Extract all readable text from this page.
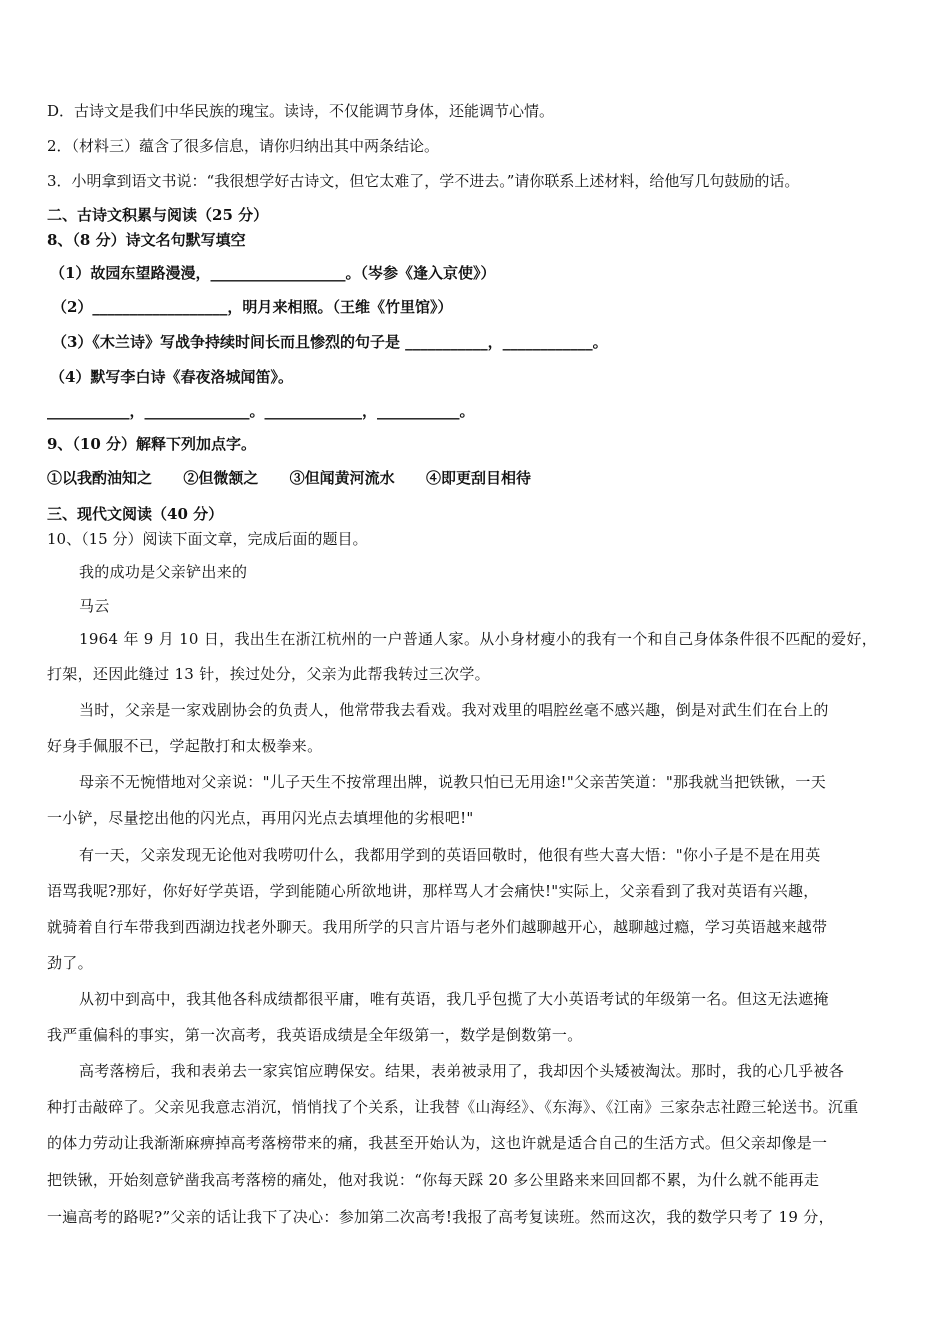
D．古诗文是我们中华民族的瑰宝。读诗，不仅能调节身体，还能调节心情。
2．（材料三）蕴含了很多信息，请你归纳出其中两条结论。
3．小明拿到语文书说：“我很想学好古诗文，但它太难了，学不进去。”请你联系上述材料，给他写几句鼓励的话。
二、古诗文积累与阅读（25 分）
8、（8 分）诗文名句默写填空
（1）故园东望路漫漫，__________________。（岑参《逢入京使》）
（2）__________________，明月来相照。（王维《竹里馆》）
（3）《木兰诗》写战争持续时间长而且惨烈的句子是 ___________，____________。
（4）默写李白诗《春夜洛城闻笛》。
___________，______________。_____________，___________。
9、（10 分）解释下列加点字。
①以我酌油知之      ②但微颔之      ③但闻黄河流水      ④即更刮目相待
三、现代文阅读（40 分）
10、（15 分）阅读下面文章，完成后面的题目。
我的成功是父亲铲出来的
马云
1964 年 9 月 10 日，我出生在浙江杭州的一户普通人家。从小身材瘦小的我有一个和自己身体条件很不匹配的爱好，
打架，还因此缝过 13 针，挨过处分，父亲为此帮我转过三次学。
当时，父亲是一家戏剧协会的负责人，他常带我去看戏。我对戏里的唱腔丝毫不感兴趣，倒是对武生们在台上的
好身手佩服不已，学起散打和太极拳来。
母亲不无惋惜地对父亲说："儿子天生不按常理出牌，说教只怕已无用途!"父亲苦笑道："那我就当把铁锹，一天
一小铲，尽量挖出他的闪光点，再用闪光点去填埋他的劣根吧!"
有一天，父亲发现无论他对我唠叨什么，我都用学到的英语回敬时，他很有些大喜大悟："你小子是不是在用英
语骂我呢?那好，你好好学英语，学到能随心所欲地讲，那样骂人才会痛快!"实际上，父亲看到了我对英语有兴趣，
就骑着自行车带我到西湖边找老外聊天。我用所学的只言片语与老外们越聊越开心，越聊越过瘾，学习英语越来越带
劲了。
从初中到高中，我其他各科成绩都很平庸，唯有英语，我几乎包揽了大小英语考试的年级第一名。但这无法遮掩
我严重偏科的事实，第一次高考，我英语成绩是全年级第一，数学是倒数第一。
高考落榜后，我和表弟去一家宾馆应聘保安。结果，表弟被录用了，我却因个头矮被淘汰。那时，我的心几乎被各
种打击敲碎了。父亲见我意志消沉，悄悄找了个关系，让我替《山海经》、《东海》、《江南》三家杂志社蹬三轮送书。沉重
的体力劳动让我渐渐麻痹掉高考落榜带来的痛，我甚至开始认为，这也许就是适合自己的生活方式。但父亲却像是一
把铁锹，开始刻意铲凿我高考落榜的痛处，他对我说：“你每天踩 20 多公里路来来回回都不累，为什么就不能再走
一遍高考的路呢?”父亲的话让我下了决心：参加第二次高考!我报了高考复读班。然而这次，我的数学只考了 19 分，
